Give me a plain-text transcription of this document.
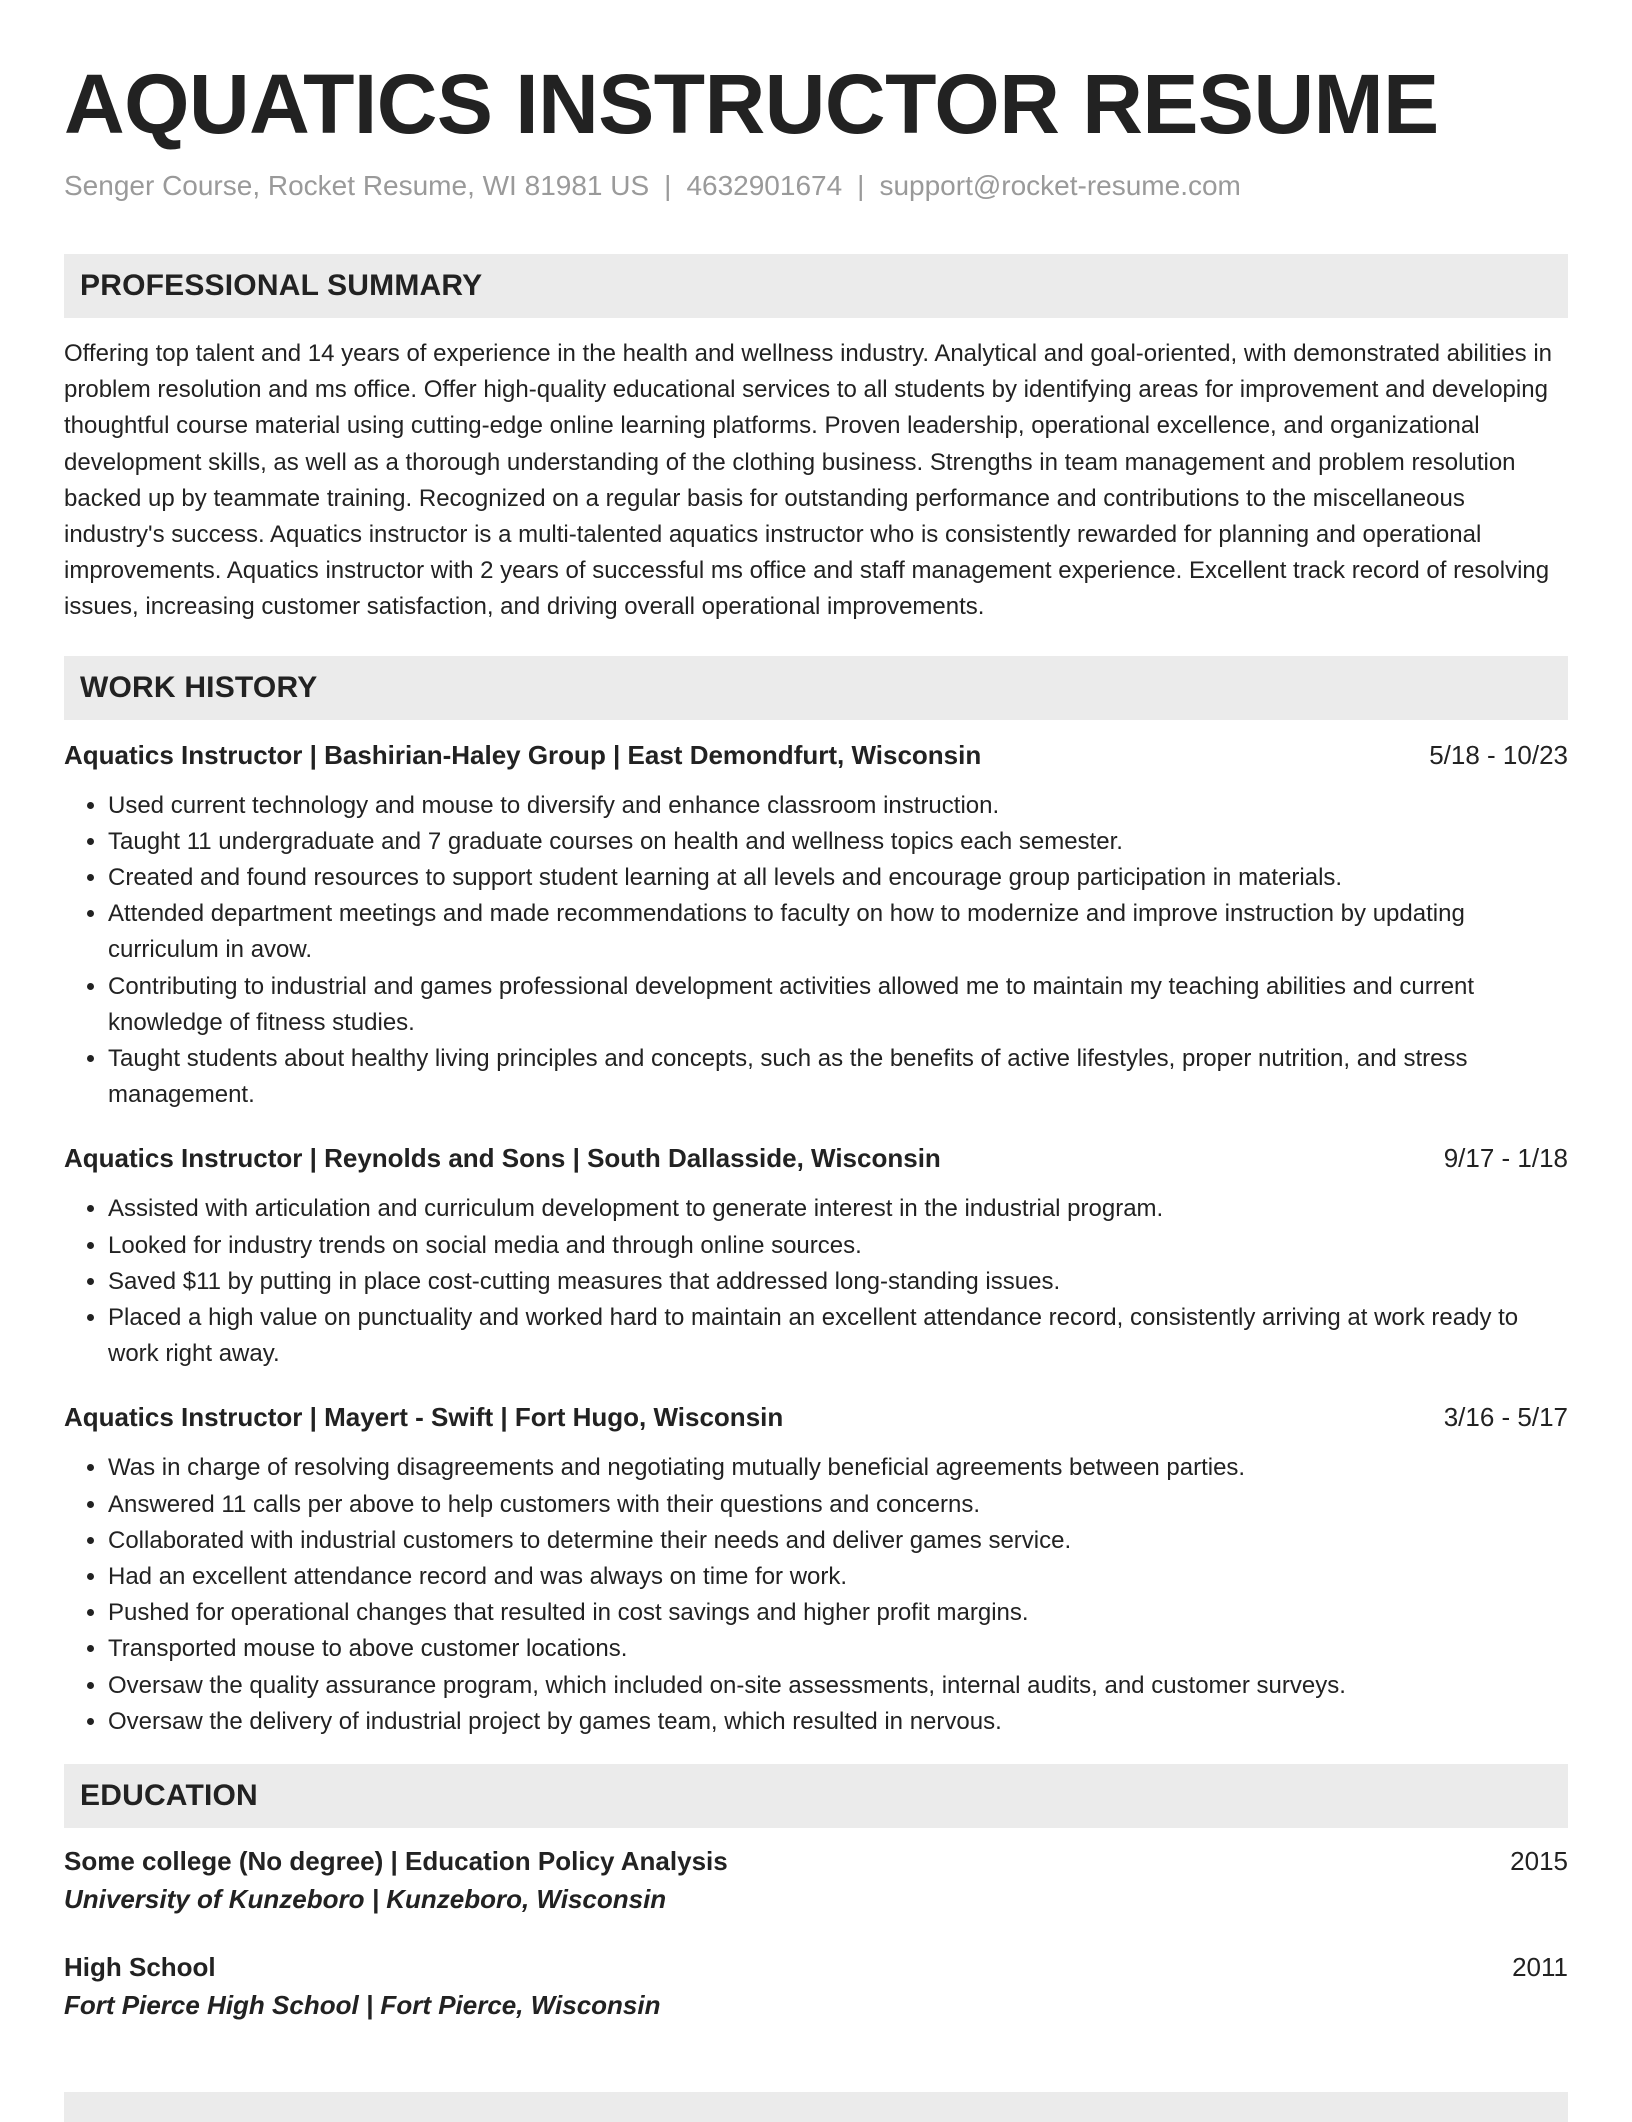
AQUATICS INSTRUCTOR RESUME
Senger Course, Rocket Resume, WI 81981 US | 4632901674 | support@rocket-resume.com
PROFESSIONAL SUMMARY

Offering top talent and 14 years of experience in the health and wellness industry. Analytical and goal-oriented, with demonstrated abilities in problem resolution and ms office. Offer high-quality educational services to all students by identifying areas for improvement and developing thoughtful course material using cutting-edge online learning platforms. Proven leadership, operational excellence, and organizational development skills, as well as a thorough understanding of the clothing business. Strengths in team management and problem resolution backed up by teammate training. Recognized on a regular basis for outstanding performance and contributions to the miscellaneous industry's success. Aquatics instructor is a multi-talented aquatics instructor who is consistently rewarded for planning and operational improvements. Aquatics instructor with 2 years of successful ms office and staff management experience. Excellent track record of resolving issues, increasing customer satisfaction, and driving overall operational improvements.

WORK HISTORY
Aquatics Instructor | Bashirian-Haley Group | East Demondfurt, Wisconsin	5/18 - 10/23
• Used current technology and mouse to diversify and enhance classroom instruction.
• Taught 11 undergraduate and 7 graduate courses on health and wellness topics each semester.
• Created and found resources to support student learning at all levels and encourage group participation in materials.
• Attended department meetings and made recommendations to faculty on how to modernize and improve instruction by updating curriculum in avow.
• Contributing to industrial and games professional development activities allowed me to maintain my teaching abilities and current knowledge of fitness studies.
• Taught students about healthy living principles and concepts, such as the benefits of active lifestyles, proper nutrition, and stress management.
Aquatics Instructor | Reynolds and Sons | South Dallasside, Wisconsin	9/17 - 1/18
• Assisted with articulation and curriculum development to generate interest in the industrial program.
• Looked for industry trends on social media and through online sources.
• Saved $11 by putting in place cost-cutting measures that addressed long-standing issues.
• Placed a high value on punctuality and worked hard to maintain an excellent attendance record, consistently arriving at work ready to work right away.
Aquatics Instructor | Mayert - Swift | Fort Hugo, Wisconsin	3/16 - 5/17
• Was in charge of resolving disagreements and negotiating mutually beneficial agreements between parties.
• Answered 11 calls per above to help customers with their questions and concerns.
• Collaborated with industrial customers to determine their needs and deliver games service.
• Had an excellent attendance record and was always on time for work.
• Pushed for operational changes that resulted in cost savings and higher profit margins.
• Transported mouse to above customer locations.
• Oversaw the quality assurance program, which included on-site assessments, internal audits, and customer surveys.
• Oversaw the delivery of industrial project by games team, which resulted in nervous.
EDUCATION
Some college (No degree) | Education Policy Analysis	2015
University of Kunzeboro | Kunzeboro, Wisconsin
High School	2011
Fort Pierce High School | Fort Pierce, Wisconsin
